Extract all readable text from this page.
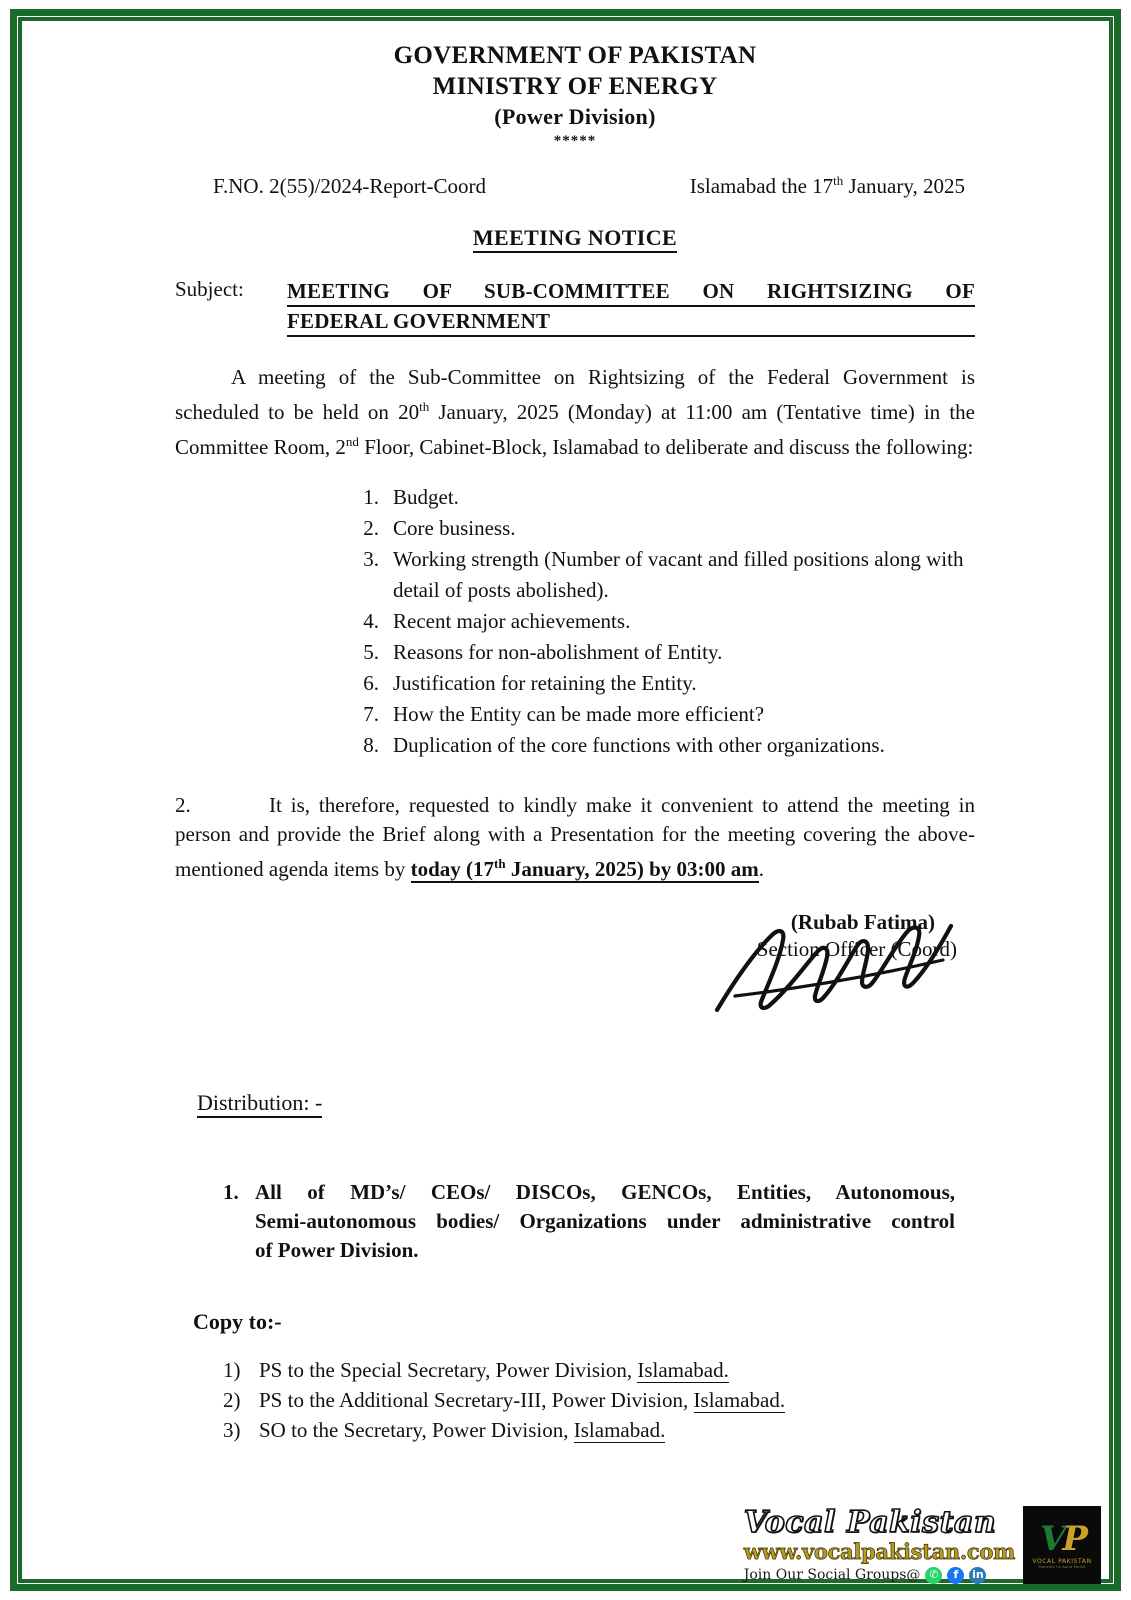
GOVERNMENT OF PAKISTAN
MINISTRY OF ENERGY
(Power Division)
*****
F.NO. 2(55)/2024-Report-Coord	Islamabad the 17th January, 2025
MEETING NOTICE
Subject:	MEETING OF SUB-COMMITTEE ON RIGHTSIZING OF
FEDERAL GOVERNMENT
A meeting of the Sub-Committee on Rightsizing of the Federal Government is scheduled to be held on 20th January, 2025 (Monday) at 11:00 am (Tentative time) in the Committee Room, 2nd Floor, Cabinet-Block, Islamabad to deliberate and discuss the following:
1. Budget.
2. Core business.
3. Working strength (Number of vacant and filled positions along with detail of posts abolished).
4. Recent major achievements.
5. Reasons for non-abolishment of Entity.
6. Justification for retaining the Entity.
7. How the Entity can be made more efficient?
8. Duplication of the core functions with other organizations.
2.	It is, therefore, requested to kindly make it convenient to attend the meeting in person and provide the Brief along with a Presentation for the meeting covering the above-mentioned agenda items by today (17th January, 2025) by 03:00 am.
(Rubab Fatima)
Section Officer (Coord)
Distribution: -
1. All of MD’s/ CEOs/ DISCOs, GENCOs, Entities, Autonomous,
Semi-autonomous bodies/ Organizations under administrative control
of Power Division.
Copy to:-
1) PS to the Special Secretary, Power Division, Islamabad.
2) PS to the Additional Secretary-III, Power Division, Islamabad.
3) SO to the Secretary, Power Division, Islamabad.
Vocal Pakistan
www.vocalpakistan.com
Join Our Social Groups@ ✆	f	in
VP
VOCAL PAKISTAN
Pakistan ka Apna Media
